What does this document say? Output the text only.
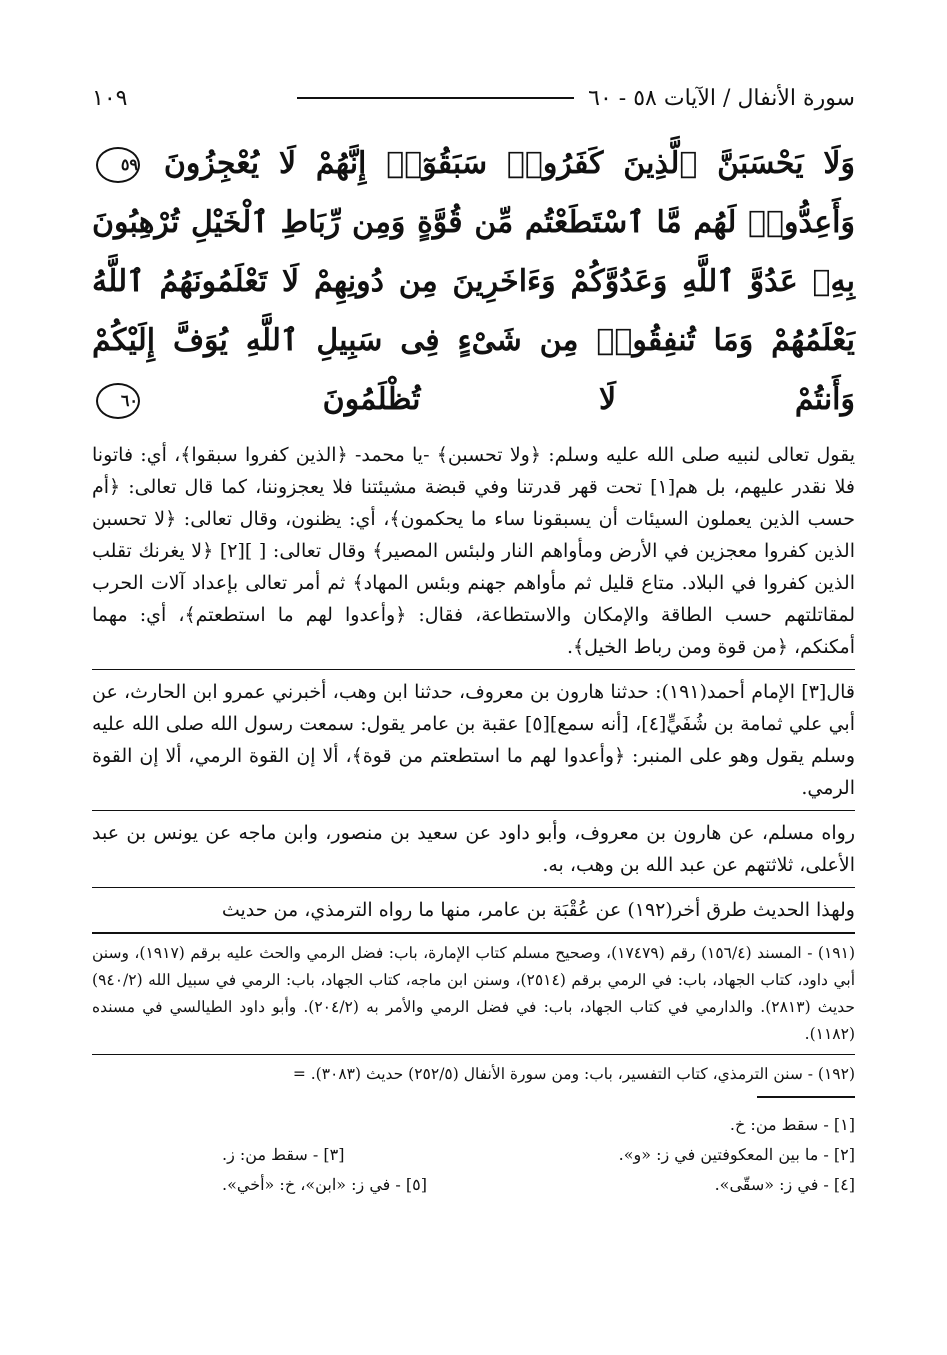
سورة الأنفال / الآيات ٥٨ - ٦٠
١٠٩
وَلَا يَحْسَبَنَّ ٱلَّذِينَ كَفَرُوا۟ سَبَقُوٓا۟ إِنَّهُمْ لَا يُعْجِزُونَ ٥٩ وَأَعِدُّوا۟ لَهُم مَّا ٱسْتَطَعْتُم مِّن قُوَّةٍ وَمِن رِّبَاطِ ٱلْخَيْلِ تُرْهِبُونَ بِهِۦ عَدُوَّ ٱللَّهِ وَعَدُوَّكُمْ وَءَاخَرِينَ مِن دُونِهِمْ لَا تَعْلَمُونَهُمُ ٱللَّهُ يَعْلَمُهُمْ وَمَا تُنفِقُوا۟ مِن شَىْءٍ فِى سَبِيلِ ٱللَّهِ يُوَفَّ إِلَيْكُمْ وَأَنتُمْ لَا تُظْلَمُونَ ٦٠

يقول تعالى لنبيه صلى الله عليه وسلم: ﴿ولا تحسبن﴾ -يا محمد- ﴿الذين كفروا سبقوا﴾، أي: فاتونا فلا نقدر عليهم، بل هم[١] تحت قهر قدرتنا وفي قبضة مشيئتنا فلا يعجزوننا، كما قال تعالى: ﴿أم حسب الذين يعملون السيئات أن يسبقونا ساء ما يحكمون﴾، أي: يظنون، وقال تعالى: ﴿لا تحسبن الذين كفروا معجزين في الأرض ومأواهم النار ولبئس المصير﴾ وقال تعالى: [ ][٢] ﴿لا يغرنك تقلب الذين كفروا في البلاد. متاع قليل ثم مأواهم جهنم وبئس المهاد﴾ ثم أمر تعالى بإعداد آلات الحرب لمقاتلتهم حسب الطاقة والإمكان والاستطاعة، فقال: ﴿وأعدوا لهم ما استطعتم﴾، أي: مهما أمكنكم، ﴿من قوة ومن رباط الخيل﴾.

قال[٣] الإمام أحمد(١٩١): حدثنا هارون بن معروف، حدثنا ابن وهب، أخبرني عمرو ابن الحارث، عن أبي علي ثمامة بن شُفَيٍّ[٤]، [أنه سمع][٥] عقبة بن عامر يقول: سمعت رسول الله صلى الله عليه وسلم يقول وهو على المنبر: ﴿وأعدوا لهم ما استطعتم من قوة﴾، ألا إن القوة الرمي، ألا إن القوة الرمي.

رواه مسلم، عن هارون بن معروف، وأبو داود عن سعيد بن منصور، وابن ماجه عن يونس بن عبد الأعلى، ثلاثتهم عن عبد الله بن وهب، به.

ولهذا الحديث طرق أخر(١٩٢) عن عُقْبَة بن عامر، منها ما رواه الترمذي، من حديث

(١٩١) - المسند (١٥٦/٤) رقم (١٧٤٧٩)، وصحيح مسلم كتاب الإمارة، باب: فضل الرمي والحث عليه برقم (١٩١٧)، وسنن أبي داود، كتاب الجهاد، باب: في الرمي برقم (٢٥١٤)، وسنن ابن ماجه، كتاب الجهاد، باب: الرمي في سبيل الله (٩٤٠/٢) حديث (٢٨١٣). والدارمي في كتاب الجهاد، باب: في فضل الرمي والأمر به (٢٠٤/٢). وأبو داود الطيالسي في مسنده (١١٨٢).

(١٩٢) - سنن الترمذي، كتاب التفسير، باب: ومن سورة الأنفال (٢٥٢/٥) حديث (٣٠٨٣). =

[١] - سقط من: خ.
[٢] - ما بين المعكوفتين في ز: «و».
[٣] - سقط من: ز.
[٤] - في ز: «سقّى».
[٥] - في ز: «ابن»، خ: «أخي».
